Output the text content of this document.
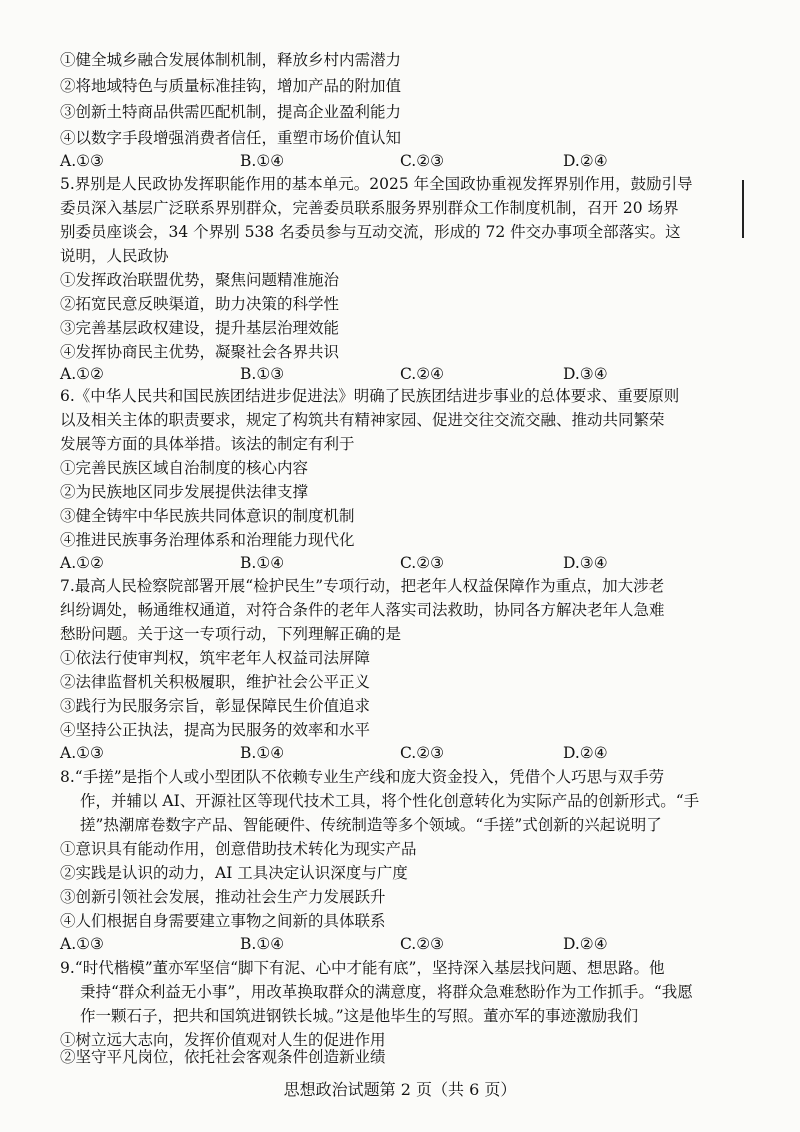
①健全城乡融合发展体制机制，释放乡村内需潜力
②将地域特色与质量标准挂钩，增加产品的附加值
③创新土特商品供需匹配机制，提高企业盈利能力
④以数字手段增强消费者信任，重塑市场价值认知
A.①③	B.①④	C.②③	D.②④
5.界别是人民政协发挥职能作用的基本单元。2025 年全国政协重视发挥界别作用，鼓励引导
委员深入基层广泛联系界别群众，完善委员联系服务界别群众工作制度机制，召开 20 场界
别委员座谈会，34 个界别 538 名委员参与互动交流，形成的 72 件交办事项全部落实。这
说明，人民政协
①发挥政治联盟优势，聚焦问题精准施治
②拓宽民意反映渠道，助力决策的科学性
③完善基层政权建设，提升基层治理效能
④发挥协商民主优势，凝聚社会各界共识
A.①②	B.①③	C.②④	D.③④
6.《中华人民共和国民族团结进步促进法》明确了民族团结进步事业的总体要求、重要原则
以及相关主体的职责要求，规定了构筑共有精神家园、促进交往交流交融、推动共同繁荣
发展等方面的具体举措。该法的制定有利于
①完善民族区域自治制度的核心内容
②为民族地区同步发展提供法律支撑
③健全铸牢中华民族共同体意识的制度机制
④推进民族事务治理体系和治理能力现代化
A.①②	B.①④	C.②③	D.③④
7.最高人民检察院部署开展“检护民生”专项行动，把老年人权益保障作为重点，加大涉老
纠纷调处，畅通维权通道，对符合条件的老年人落实司法救助，协同各方解决老年人急难
愁盼问题。关于这一专项行动，下列理解正确的是
①依法行使审判权，筑牢老年人权益司法屏障
②法律监督机关积极履职，维护社会公平正义
③践行为民服务宗旨，彰显保障民生价值追求
④坚持公正执法，提高为民服务的效率和水平
A.①③	B.①④	C.②③	D.②④
8.“手搓”是指个人或小型团队不依赖专业生产线和庞大资金投入，凭借个人巧思与双手劳
作，并辅以 AI、开源社区等现代技术工具，将个性化创意转化为实际产品的创新形式。“手
搓”热潮席卷数字产品、智能硬件、传统制造等多个领域。“手搓”式创新的兴起说明了
①意识具有能动作用，创意借助技术转化为现实产品
②实践是认识的动力，AI 工具决定认识深度与广度
③创新引领社会发展，推动社会生产力发展跃升
④人们根据自身需要建立事物之间新的具体联系
A.①③	B.①④	C.②③	D.②④
9.“时代楷模”董亦军坚信“脚下有泥、心中才能有底”，坚持深入基层找问题、想思路。他
秉持“群众利益无小事”，用改革换取群众的满意度，将群众急难愁盼作为工作抓手。“我愿
作一颗石子，把共和国筑进钢铁长城。”这是他毕生的写照。董亦军的事迹激励我们
①树立远大志向，发挥价值观对人生的促进作用
②坚守平凡岗位，依托社会客观条件创造新业绩
思想政治试题第 2 页（共 6 页）
